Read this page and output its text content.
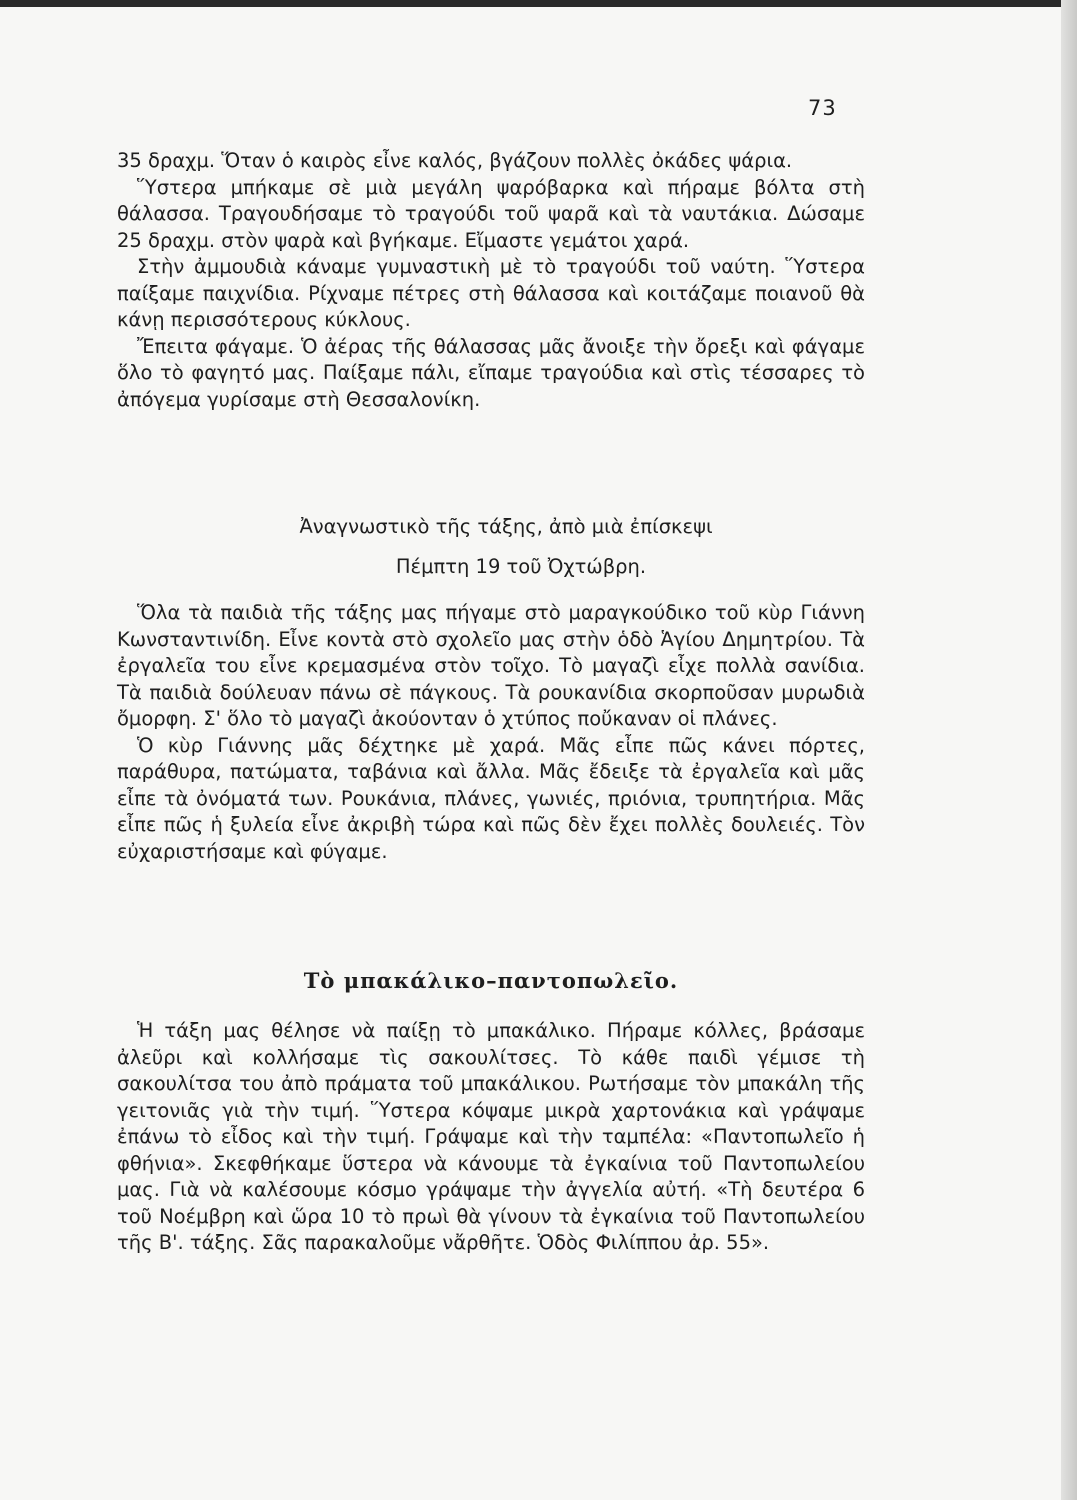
73

35 δραχμ. Ὅταν ὁ καιρὸς εἶνε καλός, βγάζουν πολλὲς ὀκάδες ψάρια.

Ὕστερα μπήκαμε σὲ μιὰ μεγάλη ψαρόβαρκα καὶ πήραμε βόλτα στὴ θάλασσα. Τραγουδήσαμε τὸ τραγούδι τοῦ ψαρᾶ καὶ τὰ ναυτάκια. Δώσαμε 25 δραχμ. στὸν ψαρὰ καὶ βγήκαμε. Εἴμαστε γεμάτοι χαρά.

Στὴν ἀμμουδιὰ κάναμε γυμναστικὴ μὲ τὸ τραγούδι τοῦ ναύτη. Ὕστερα παίξαμε παιχνίδια. Ρίχναμε πέτρες στὴ θάλασσα καὶ κοιτάζαμε ποιανοῦ θὰ κάνῃ περισσότερους κύκλους.

Ἔπειτα φάγαμε. Ὁ ἀέρας τῆς θάλασσας μᾶς ἄνοιξε τὴν ὄρεξι καὶ φάγαμε ὅλο τὸ φαγητό μας. Παίξαμε πάλι, εἴπαμε τραγούδια καὶ στὶς τέσσαρες τὸ ἀπόγεμα γυρίσαμε στὴ Θεσσαλονίκη.

Ἀναγνωστικὸ τῆς τάξης, ἀπὸ μιὰ ἐπίσκεψι
Πέμπτη 19 τοῦ Ὀχτώβρη.

Ὅλα τὰ παιδιὰ τῆς τάξης μας πήγαμε στὸ μαραγκούδικο τοῦ κὺρ Γιάννη Κωνσταντινίδη. Εἶνε κοντὰ στὸ σχολεῖο μας στὴν ὁδὸ Ἁγίου Δημητρίου. Τὰ ἐργαλεῖα του εἶνε κρεμασμένα στὸν τοῖχο. Τὸ μαγαζὶ εἶχε πολλὰ σανίδια. Τὰ παιδιὰ δούλευαν πάνω σὲ πάγκους. Τὰ ρουκανίδια σκορποῦσαν μυρωδιὰ ὄμορφη. Σ' ὅλο τὸ μαγαζὶ ἀκούονταν ὁ χτύπος ποὔκαναν οἱ πλάνες.

Ὁ κὺρ Γιάννης μᾶς δέχτηκε μὲ χαρά. Μᾶς εἶπε πῶς κάνει πόρτες, παράθυρα, πατώματα, ταβάνια καὶ ἄλλα. Μᾶς ἔδειξε τὰ ἐργαλεῖα καὶ μᾶς εἶπε τὰ ὀνόματά των. Ρουκάνια, πλάνες, γωνιές, πριόνια, τρυπητήρια. Μᾶς εἶπε πῶς ἡ ξυλεία εἶνε ἀκριβὴ τώρα καὶ πῶς δὲν ἔχει πολλὲς δουλειές. Τὸν εὐχαριστήσαμε καὶ φύγαμε.

Τὸ μπακάλικο–παντοπωλεῖο.

Ἡ τάξη μας θέλησε νὰ παίξῃ τὸ μπακάλικο. Πήραμε κόλλες, βράσαμε ἀλεῦρι καὶ κολλήσαμε τὶς σακουλίτσες. Τὸ κάθε παιδὶ γέμισε τὴ σακουλίτσα του ἀπὸ πράματα τοῦ μπακάλικου. Ρωτήσαμε τὸν μπακάλη τῆς γειτονιᾶς γιὰ τὴν τιμή. Ὕστερα κόψαμε μικρὰ χαρτονάκια καὶ γράψαμε ἐπάνω τὸ εἶδος καὶ τὴν τιμή. Γράψαμε καὶ τὴν ταμπέλα: «Παντοπωλεῖο ἡ φθήνια». Σκεφθήκαμε ὕστερα νὰ κάνουμε τὰ ἐγκαίνια τοῦ Παντοπωλείου μας. Γιὰ νὰ καλέσουμε κόσμο γράψαμε τὴν ἀγγελία αὐτή. «Τὴ δευτέρα 6 τοῦ Νοέμβρη καὶ ὥρα 10 τὸ πρωὶ θὰ γίνουν τὰ ἐγκαίνια τοῦ Παντοπωλείου τῆς Β'. τάξης. Σᾶς παρακαλοῦμε νἄρθῆτε. Ὁδὸς Φιλίππου ἀρ. 55».
